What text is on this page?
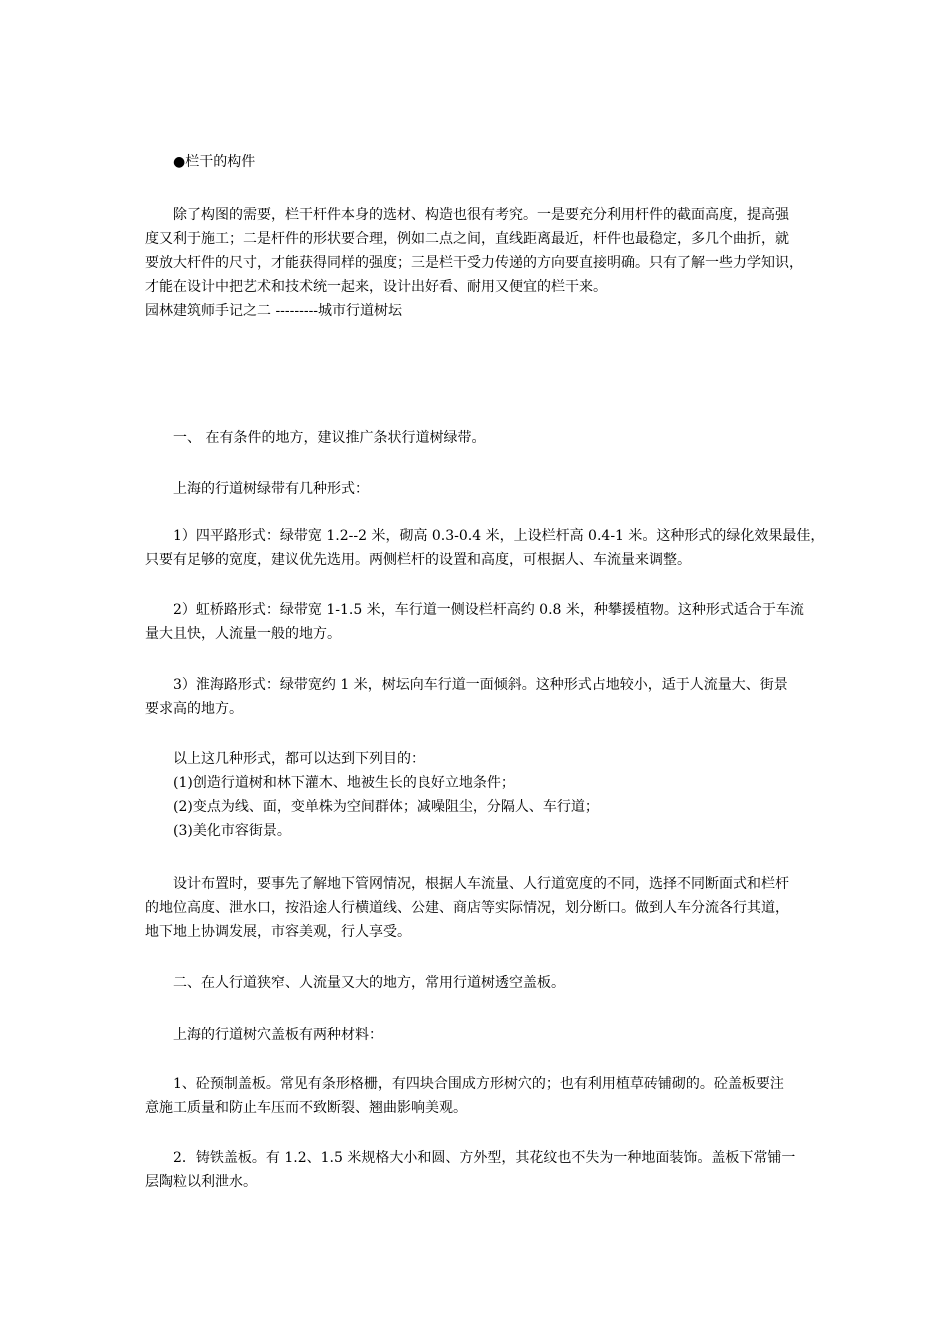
●栏干的构件
除了构图的需要，栏干杆件本身的选材、构造也很有考究。一是要充分利用杆件的截面高度，提高强
度又利于施工；二是杆件的形状要合理，例如二点之间，直线距离最近，杆件也最稳定，多几个曲折，就
要放大杆件的尺寸，才能获得同样的强度；三是栏干受力传递的方向要直接明确。只有了解一些力学知识，
才能在设计中把艺术和技术统一起来，设计出好看、耐用又便宜的栏干来。
园林建筑师手记之二 ---------城市行道树坛
一、 在有条件的地方，建议推广条状行道树绿带。
上海的行道树绿带有几种形式：
1）四平路形式：绿带宽 1.2--2 米，砌高 0.3-0.4 米，上设栏杆高 0.4-1 米。这种形式的绿化效果最佳，
只要有足够的宽度，建议优先选用。两侧栏杆的设置和高度，可根据人、车流量来调整。
2）虹桥路形式：绿带宽 1-1.5 米，车行道一侧设栏杆高约 0.8 米，种攀援植物。这种形式适合于车流
量大且快，人流量一般的地方。
3）淮海路形式：绿带宽约 1 米，树坛向车行道一面倾斜。这种形式占地较小，适于人流量大、街景
要求高的地方。
以上这几种形式，都可以达到下列目的：
(1)创造行道树和林下灌木、地被生长的良好立地条件；
(2)变点为线、面，变单株为空间群体；减噪阻尘，分隔人、车行道；
(3)美化市容街景。
设计布置时，要事先了解地下管网情况，根据人车流量、人行道宽度的不同，选择不同断面式和栏杆
的地位高度、泄水口，按沿途人行横道线、公建、商店等实际情况，划分断口。做到人车分流各行其道，
地下地上协调发展，市容美观，行人享受。
二、在人行道狭窄、人流量又大的地方，常用行道树透空盖板。
上海的行道树穴盖板有两种材料：
1、砼预制盖板。常见有条形格栅，有四块合围成方形树穴的；也有利用植草砖铺砌的。砼盖板要注
意施工质量和防止车压而不致断裂、翘曲影响美观。
2．铸铁盖板。有 1.2、1.5 米规格大小和圆、方外型，其花纹也不失为一种地面装饰。盖板下常铺一
层陶粒以利泄水。
